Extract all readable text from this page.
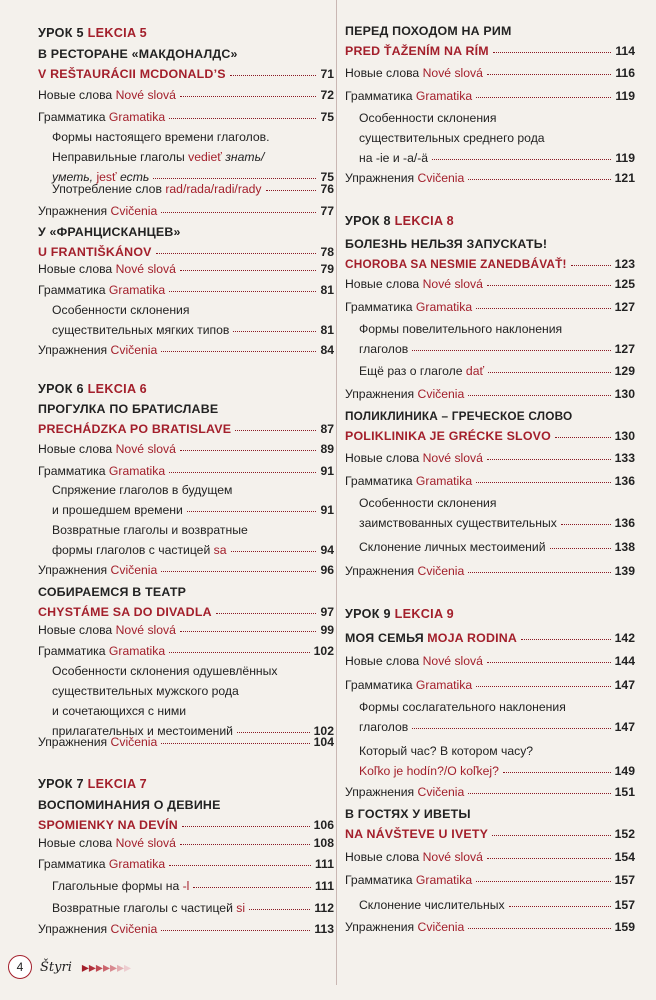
УРОК 5
LEKCIA 5
В РЕСТОРАНЕ «МАКДОНАЛДС»
V REŠTAURÁCII MCDONALD’S	71
Новые слова Nové slová	72
Грамматика Gramatika	75
Формы настоящего времени глаголов.
Неправильные глаголы vedieť знать/
уметь, jesť есть	75
Употребление слов rad/rada/radi/rady	76
Упражнения Cvičenia	77
У «ФРАНЦИСКАНЦЕВ»
U FRANTIŠKÁNOV	78
Новые слова Nové slová	79
Грамматика Gramatika	81
Особенности склонения
существительных мягких типов	81
Упражнения Cvičenia	84
УРОК 6
LEKCIA 6
ПРОГУЛКА ПО БРАТИСЛАВЕ
PRECHÁDZKA PO BRATISLAVE	87
Новые слова Nové slová	89
Грамматика Gramatika	91
Спряжение глаголов в будущем
и прошедшем времени	91
Возвратные глаголы и возвратные
формы глаголов с частицей sa	94
Упражнения Cvičenia	96
СОБИРАЕМСЯ В ТЕАТР
CHYSTÁME SA DO DIVADLA	97
Новые слова Nové slová	99
Грамматика Gramatika	102
Особенности склонения одушевлённых
существительных мужского рода
и сочетающихся с ними
прилагательных и местоимений	102
Упражнения Cvičenia	104
УРОК 7
LEKCIA 7
ВОСПОМИНАНИЯ О ДЕВИНЕ
SPOMIENKY NA DEVÍN	106
Новые слова Nové slová	108
Грамматика Gramatika	111
Глагольные формы на -l	111
Возвратные глаголы с частицей si	112
Упражнения Cvičenia	113
ПЕРЕД ПОХОДОМ НА РИМ
PRED ŤAŽENÍM NA RÍM	114
Новые слова Nové slová	116
Грамматика Gramatika	119
Особенности склонения
существительных среднего рода
на -ie и -a/-ä	119
Упражнения Cvičenia	121
УРОК 8
LEKCIA 8
БОЛЕЗНЬ НЕЛЬЗЯ ЗАПУСКАТЬ!
CHOROBA SA NESMIE ZANEDBÁVAŤ!	123
Новые слова Nové slová	125
Грамматика Gramatika	127
Формы повелительного наклонения
глаголов	127
Ещё раз о глаголе dať	129
Упражнения Cvičenia	130
ПОЛИКЛИНИКА – ГРЕЧЕСКОЕ СЛОВО
POLIKLINIKA JE GRÉCKE SLOVO	130
Новые слова Nové slová	133
Грамматика Gramatika	136
Особенности склонения
заимствованных существительных	136
Склонение личных местоимений	138
Упражнения Cvičenia	139
УРОК 9
LEKCIA 9
МОЯ СЕМЬЯ MOJA RODINA	142
Новые слова Nové slová	144
Грамматика Gramatika	147
Формы сослагательного наклонения
глаголов	147
Который час? В котором часу?
Koľko je hodín?/O koľkej?	149
Упражнения Cvičenia	151
В ГОСТЯХ У ИВЕТЫ
NA NÁVŠTEVE U IVETY	152
Новые слова Nové slová	154
Грамматика Gramatika	157
Склонение числительных	157
Упражнения Cvičenia	159
4	Štyri ▸ ▸ ▸ ▸ ▸ ▸ ▸
